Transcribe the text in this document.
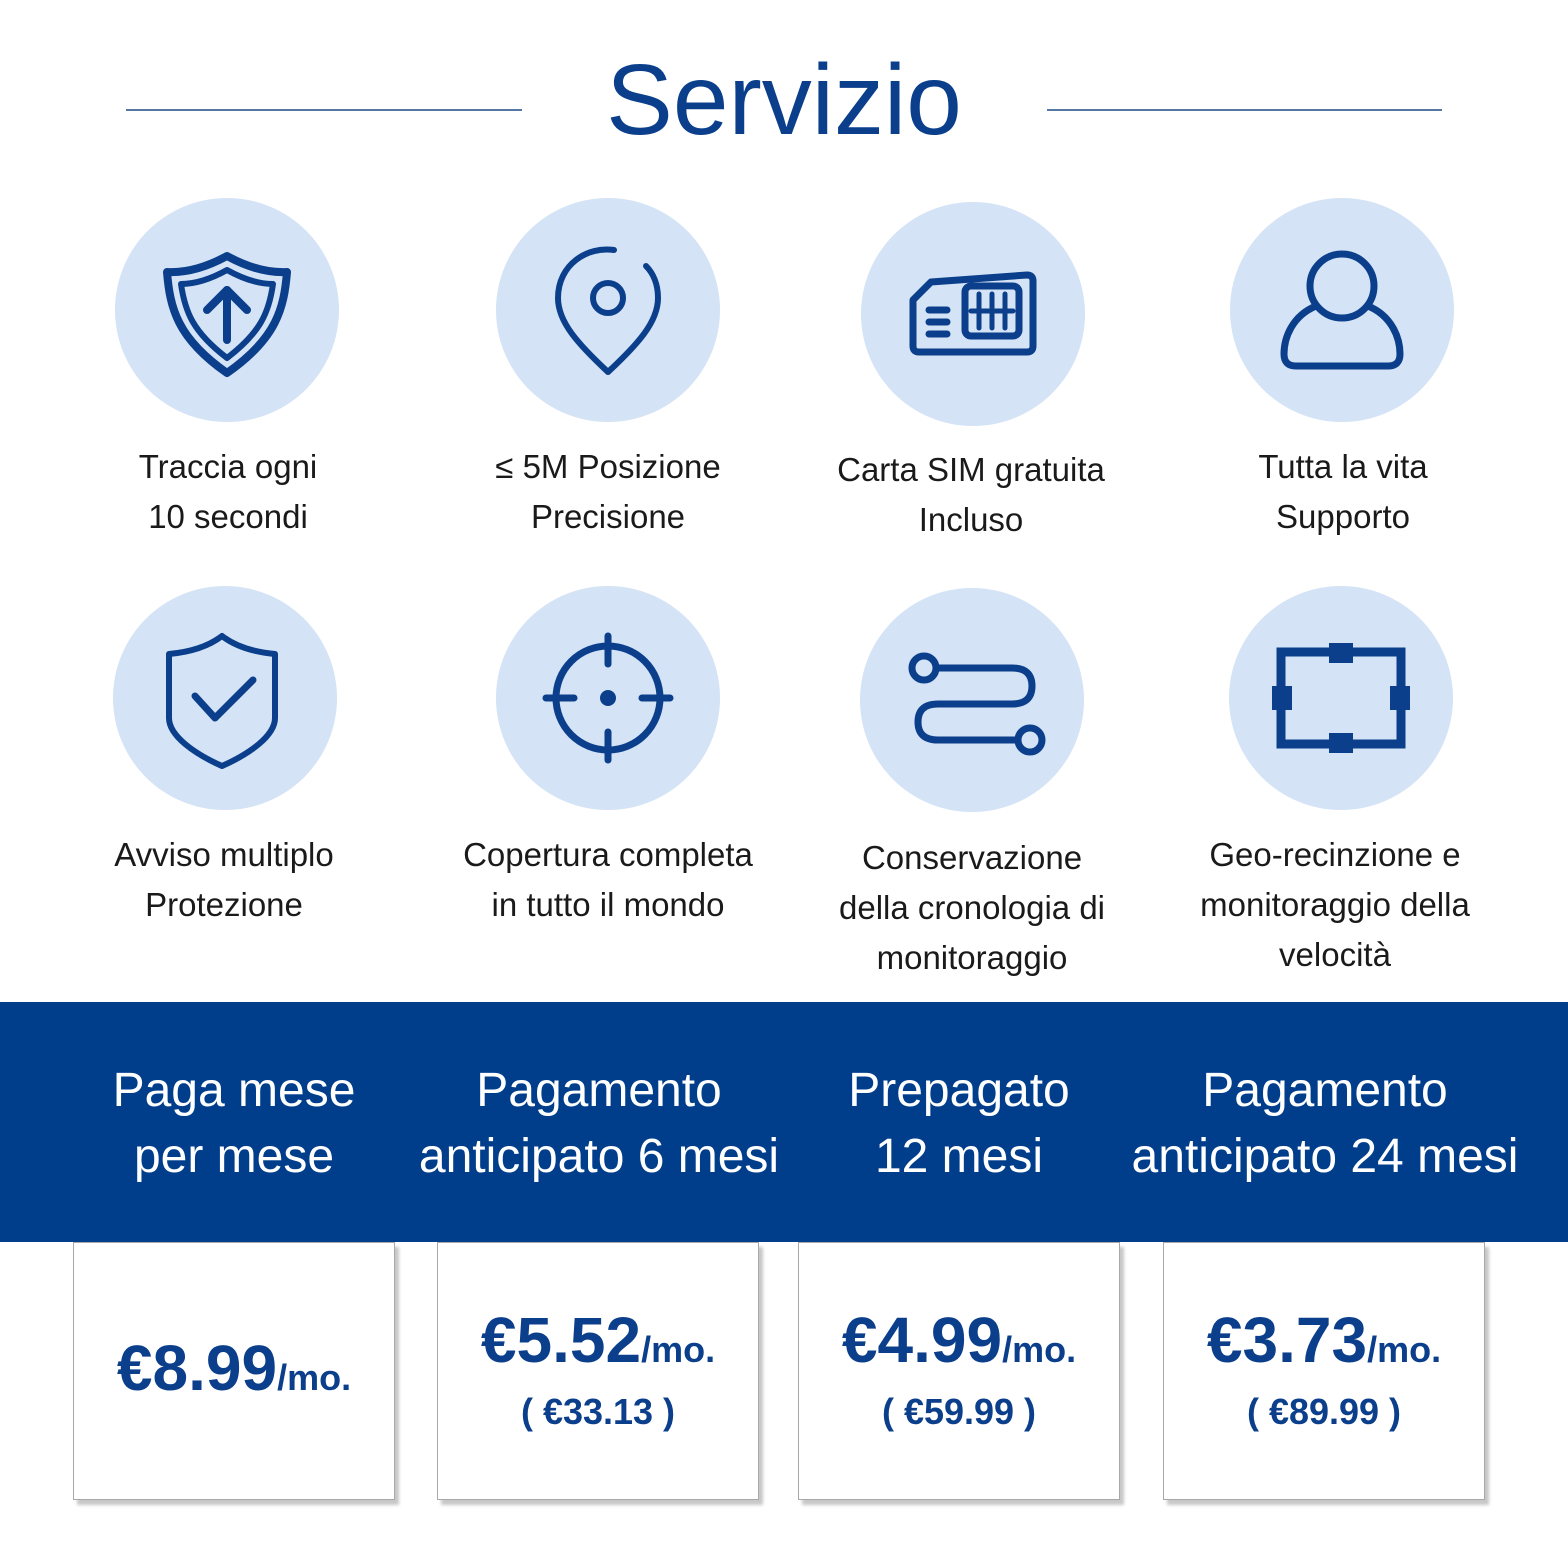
Servizio
Traccia ogni
10 secondi
≤ 5M Posizione
Precisione
Carta SIM gratuita
Incluso
Tutta la vita
Supporto
Avviso multiplo
Protezione
Copertura completa
in tutto il mondo
Conservazione
della cronologia di
monitoraggio
Geo-recinzione e
monitoraggio della
velocità
Paga mese
per mese
Pagamento
anticipato 6 mesi
Prepagato
12 mesi
Pagamento
anticipato 24 mesi
€8.99/mo.
€5.52/mo.
( €33.13 )
€4.99/mo.
( €59.99 )
€3.73/mo.
( €89.99 )
